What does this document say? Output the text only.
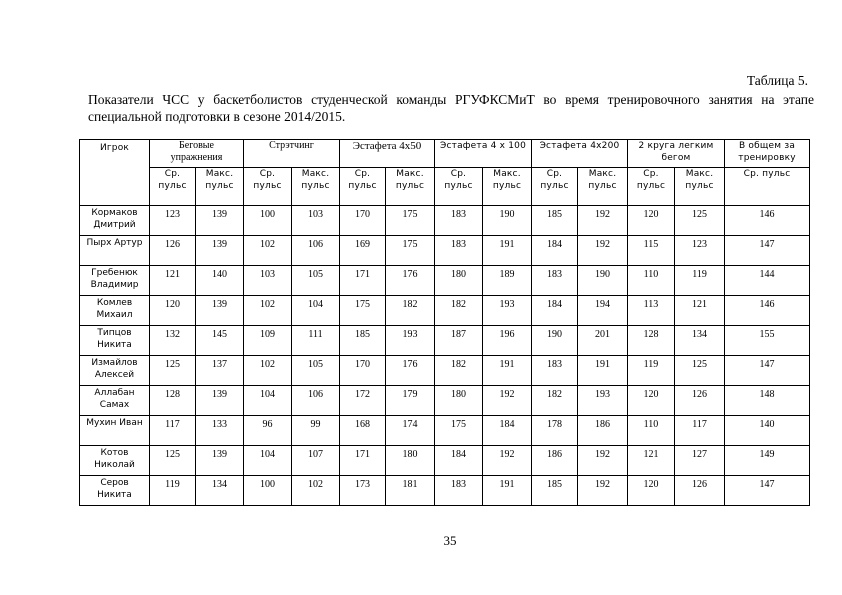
Таблица 5.
Показатели ЧСС у баскетболистов студенческой команды РГУФКСМиТ во время тренировочного занятия на этапе специальной подготовки в сезоне 2014/2015.
Игрок	Беговые упражнения		Стрэтчинг		Эстафета 4х50		Эстафета 4 х 100		Эстафета 4х200		2 круга легким бегом		В общем за тренировку
	Ср. пульс	Макс. пульс	Ср. пульс	Макс. пульс	Ср. пульс	Макс. пульс	Ср. пульс	Макс. пульс	Ср. пульс	Макс. пульс	Ср. пульс	Макс. пульс	Ср. пульс
Кормаков Дмитрий	123	139	100	103	170	175	183	190	185	192	120	125	146
Пырх Артур	126	139	102	106	169	175	183	191	184	192	115	123	147
Гребенюк Владимир	121	140	103	105	171	176	180	189	183	190	110	119	144
Комлев Михаил	120	139	102	104	175	182	182	193	184	194	113	121	146
Типцов Никита	132	145	109	111	185	193	187	196	190	201	128	134	155
Измайлов Алексей	125	137	102	105	170	176	182	191	183	191	119	125	147
Аллабан Самах	128	139	104	106	172	179	180	192	182	193	120	126	148
Мухин Иван	117	133	96	99	168	174	175	184	178	186	110	117	140
Котов Николай	125	139	104	107	171	180	184	192	186	192	121	127	149
Серов Никита	119	134	100	102	173	181	183	191	185	192	120	126	147
35
